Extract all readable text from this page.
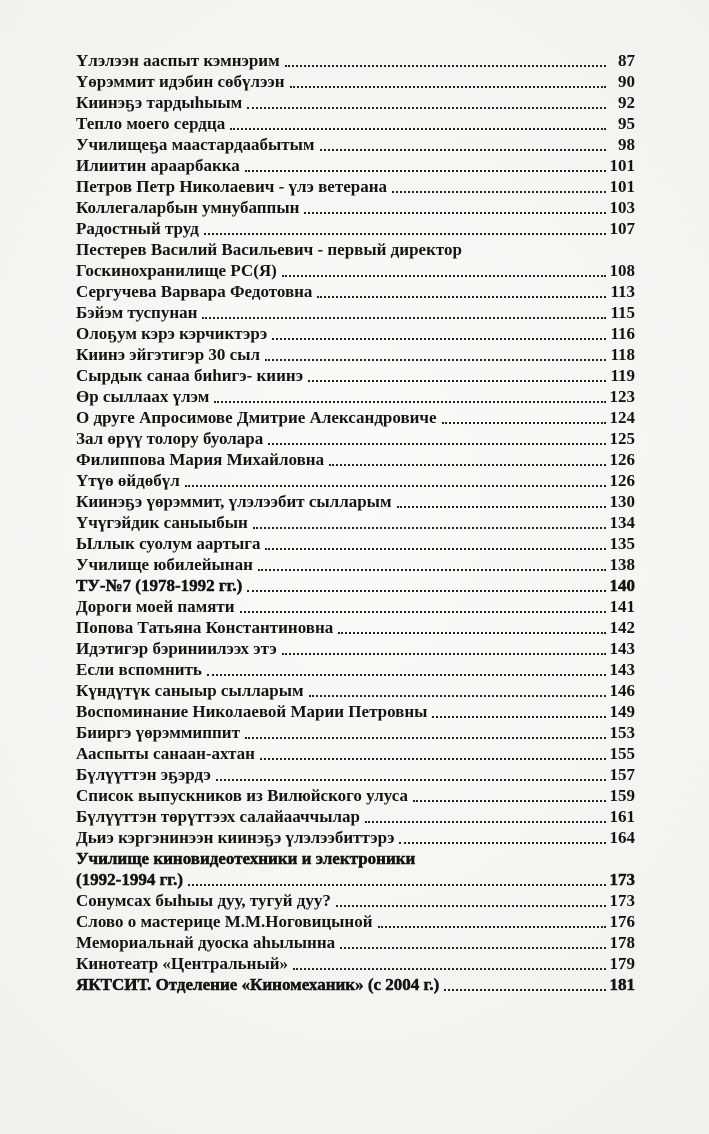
Үлэлээн ааспыт кэмнэрим	87
Үөрэммит идэбин сөбүлээн	90
Киинэҕэ тардыһыым	92
Тепло моего сердца	95
Училищеҕа маастардаабытым	98
Илиитин араарбакка	101
Петров Петр Николаевич - үлэ ветерана	101
Коллегаларбын умнубаппын	103
Радостный труд	107
Пестерев Василий Васильевич - первый директор
Госкинохранилище РС(Я)	108
Сергучева Варвара Федотовна	113
Бэйэм туспунан	115
Олоҕум кэрэ кэрчиктэрэ	116
Киинэ эйгэтигэр 30 сыл	118
Сырдык санаа биһигэ- киинэ	119
Өр сыллаах үлэм	123
О друге Апросимове Дмитрие Александровиче	124
Зал өрүү толору буолара	125
Филиппова Мария Михайловна	126
Үтүө өйдөбүл	126
Киинэҕэ үөрэммит, үлэлээбит сылларым	130
Үчүгэйдик саныыбын	134
Ыллык суолум аартыга	135
Училище юбилейынан	138
ТУ-№7 (1978-1992 гг.)	140
Дороги моей памяти	141
Попова Татьяна Константиновна	142
Идэтигэр бэриниилээх этэ	143
Если вспомнить	143
Күндүтүк саныыр сылларым	146
Воспоминание Николаевой Марии Петровны	149
Бииргэ үөрэммиппит	153
Ааспыты санаан-ахтан	155
Бүлүүттэн эҕэрдэ	157
Список выпускников из Вилюйского улуса	159
Бүлүүттэн төрүттээх салайааччылар	161
Дьиэ кэргэнинээн киинэҕэ үлэлээбиттэрэ	164
Училище киновидеотехники и электроники
(1992-1994 гг.)	173
Сонумсах быһыы дуу, тугуй дуу?	173
Слово о мастерице М.М.Ноговицыной	176
Мемориальнай дуоска аһылынна	178
Кинотеатр «Центральный»	179
ЯКТСИТ. Отделение «Киномеханик» (с 2004 г.)	181
